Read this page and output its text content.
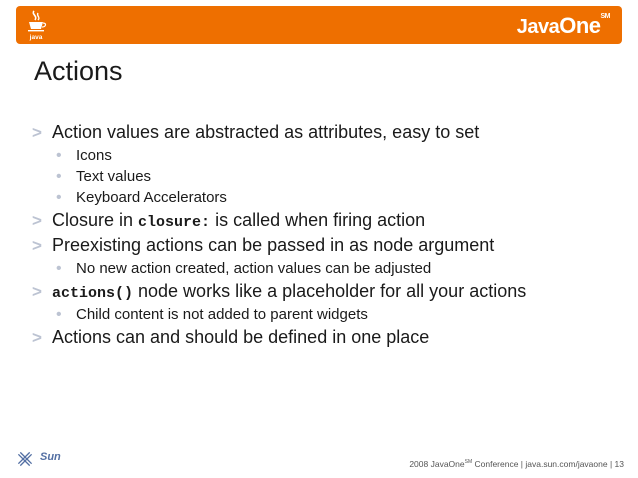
java	JavaOne℠
Actions
> Action values are abstracted as attributes, easy to set
• Icons
• Text values
• Keyboard Accelerators
> Closure in closure: is called when firing action
> Preexisting actions can be passed in as node argument
• No new action created, action values can be adjusted
> actions() node works like a placeholder for all your actions
• Child content is not added to parent widgets
> Actions can and should be defined in one place
Sun
2008 JavaOne℠ Conference | java.sun.com/javaone | 13
